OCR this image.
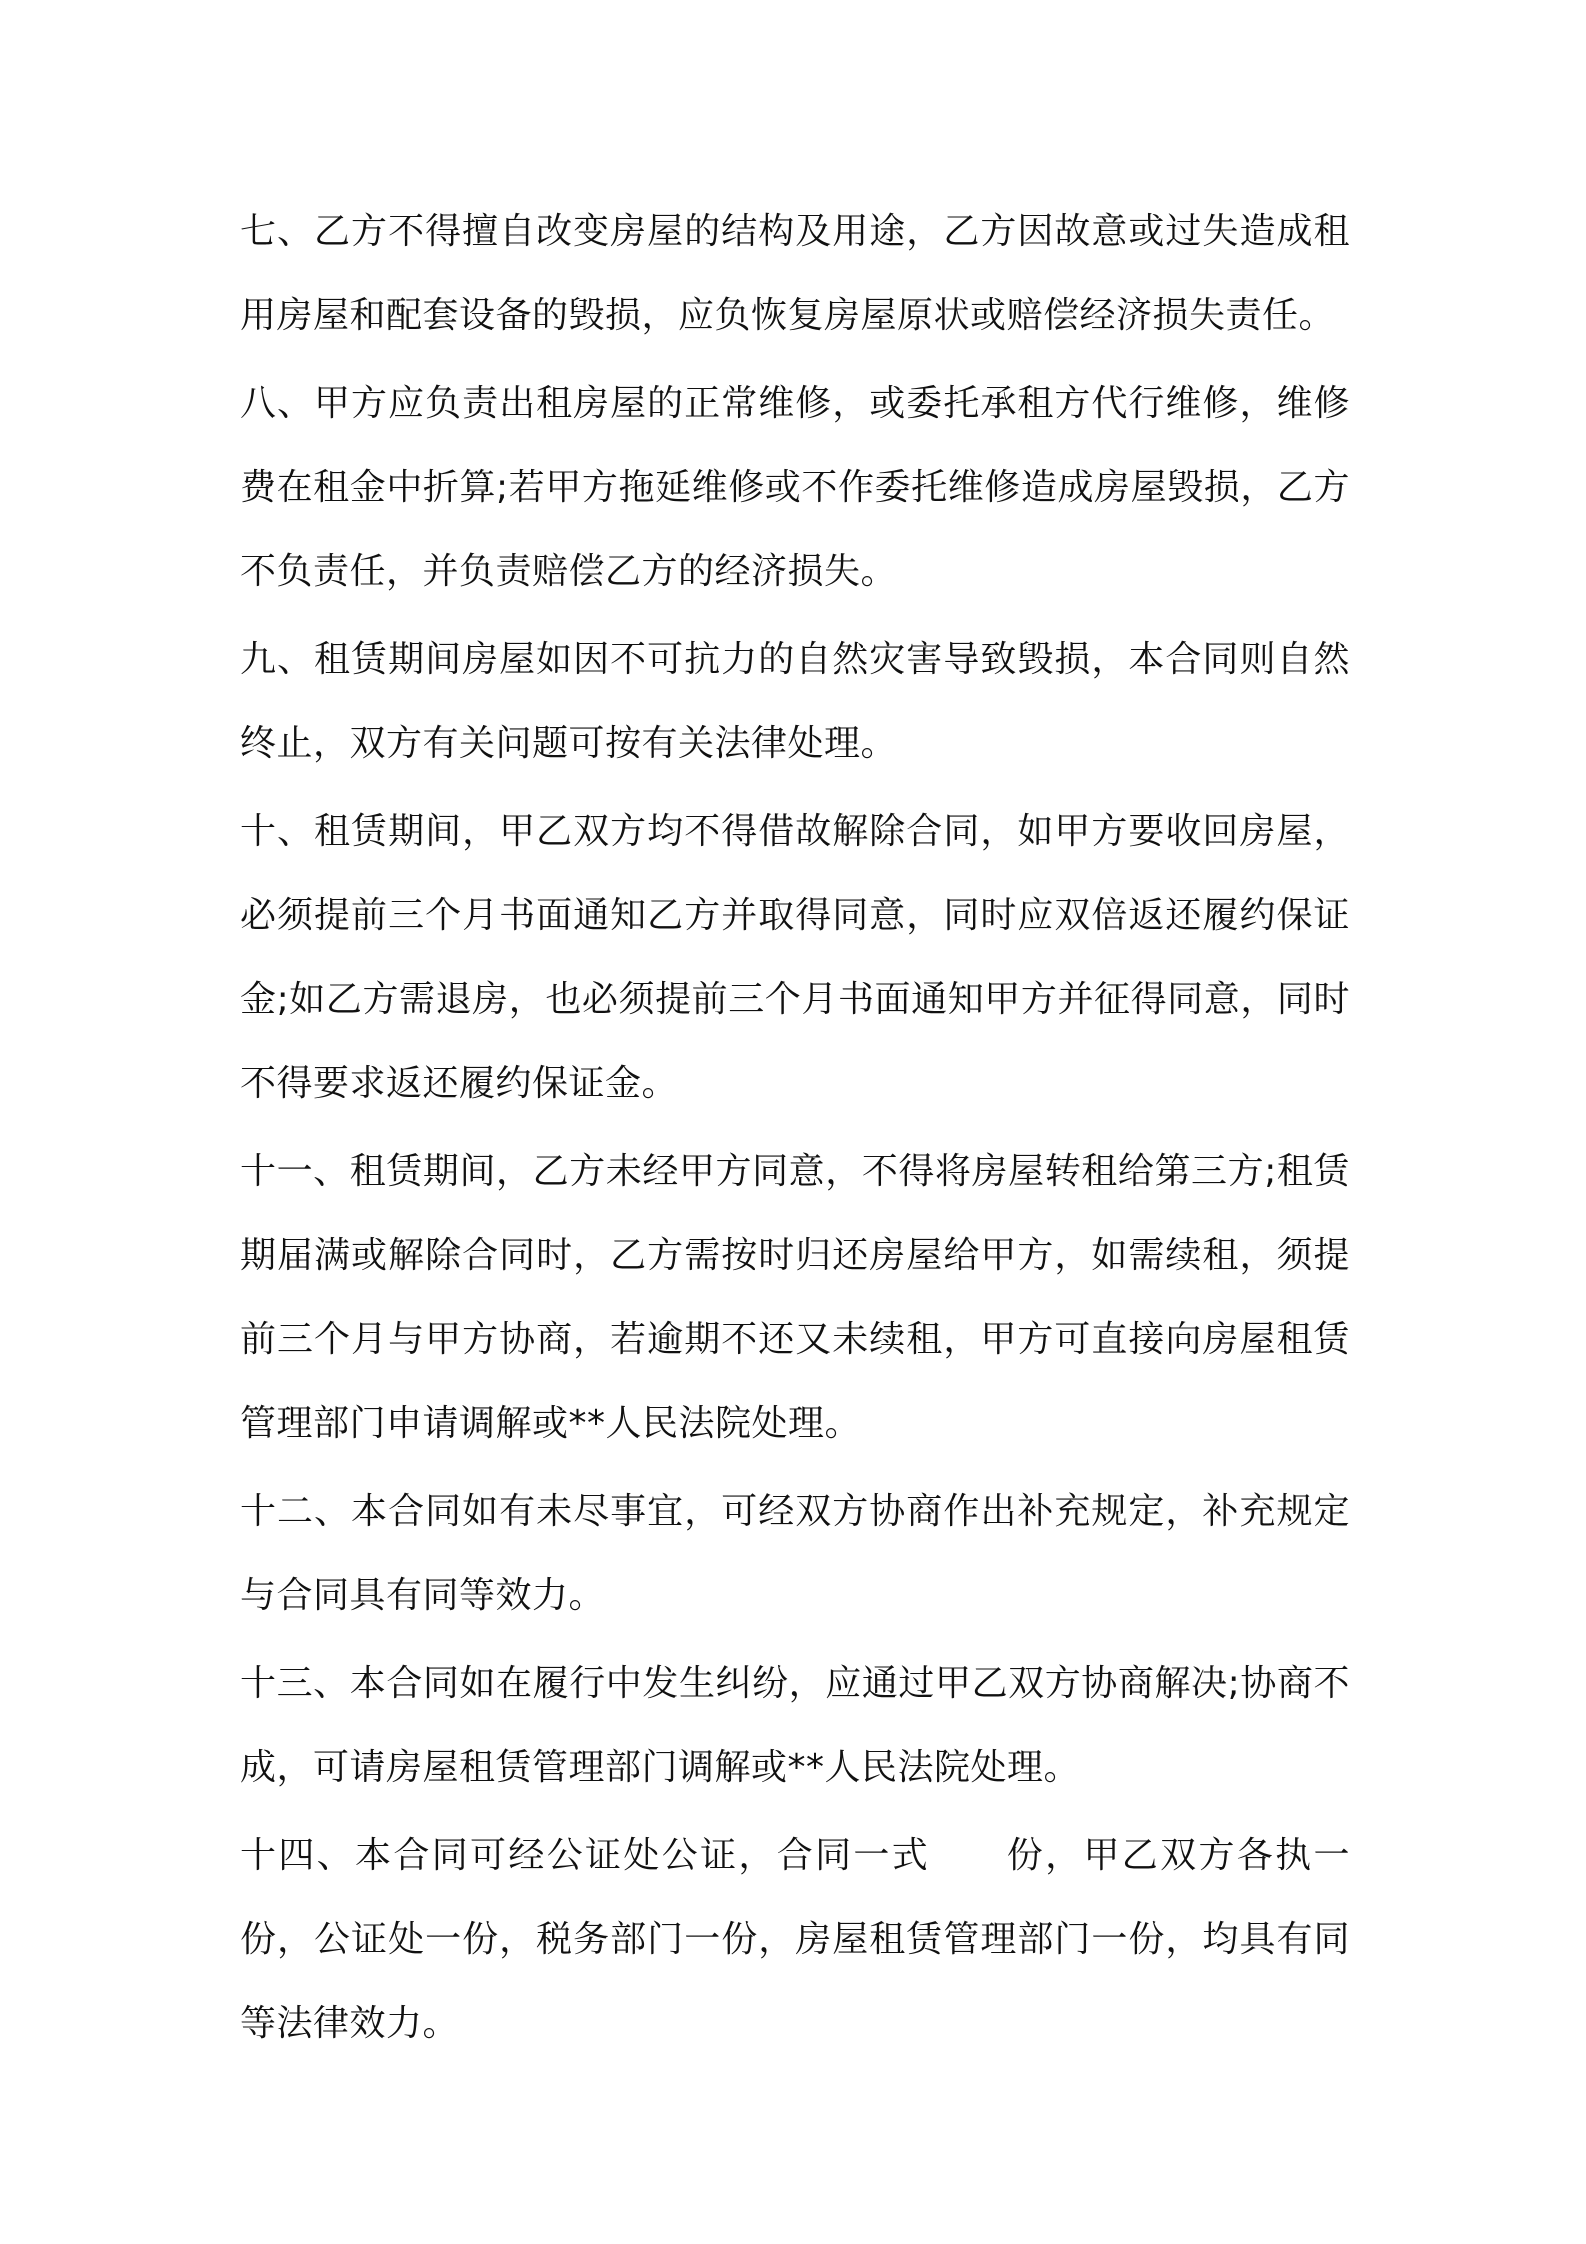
七、乙方不得擅自改变房屋的结构及用途，乙方因故意或过失造成租用房屋和配套设备的毁损，应负恢复房屋原状或赔偿经济损失责任。

八、甲方应负责出租房屋的正常维修，或委托承租方代行维修，维修费在租金中折算;若甲方拖延维修或不作委托维修造成房屋毁损，乙方不负责任，并负责赔偿乙方的经济损失。

九、租赁期间房屋如因不可抗力的自然灾害导致毁损，本合同则自然终止，双方有关问题可按有关法律处理。

十、租赁期间，甲乙双方均不得借故解除合同，如甲方要收回房屋，必须提前三个月书面通知乙方并取得同意，同时应双倍返还履约保证金;如乙方需退房，也必须提前三个月书面通知甲方并征得同意，同时不得要求返还履约保证金。

十一、租赁期间，乙方未经甲方同意，不得将房屋转租给第三方;租赁期届满或解除合同时，乙方需按时归还房屋给甲方，如需续租，须提前三个月与甲方协商，若逾期不还又未续租，甲方可直接向房屋租赁管理部门申请调解或**人民法院处理。

十二、本合同如有未尽事宜，可经双方协商作出补充规定，补充规定与合同具有同等效力。

十三、本合同如在履行中发生纠纷，应通过甲乙双方协商解决;协商不成，可请房屋租赁管理部门调解或**人民法院处理。

十四、本合同可经公证处公证，合同一式　　份，甲乙双方各执一份，公证处一份，税务部门一份，房屋租赁管理部门一份，均具有同等法律效力。
